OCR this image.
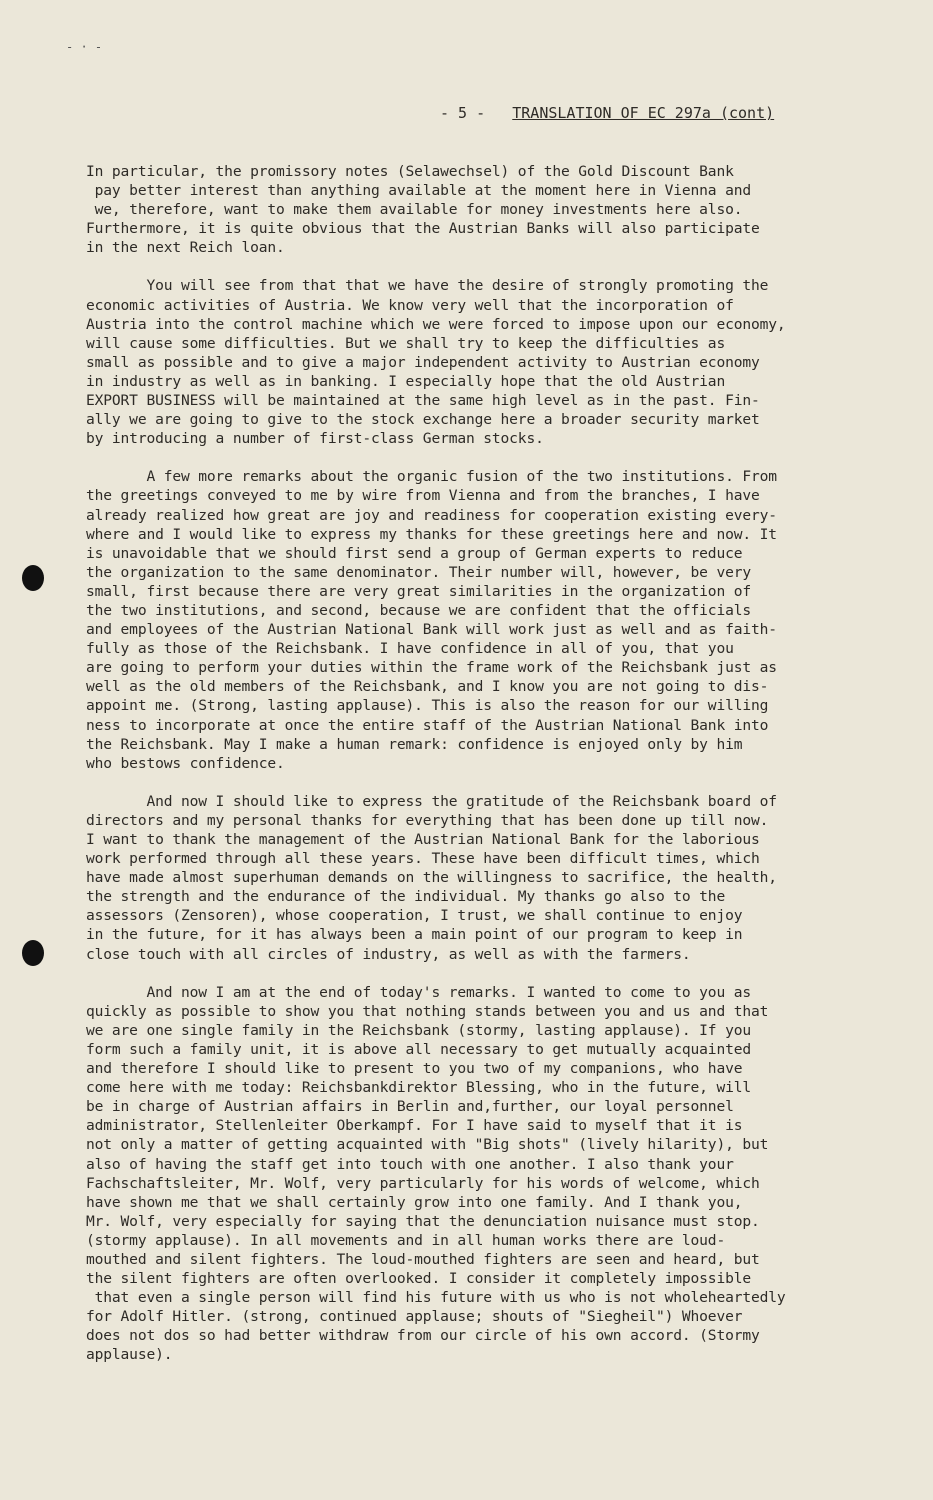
- · -
- 5 - TRANSLATION OF EC 297a (cont)
In particular, the promissory notes (Selawechsel) of the Gold Discount Bank
pay better interest than anything available at the moment here in Vienna and
we, therefore, want to make them available for money investments here also.
Furthermore, it is quite obvious that the Austrian Banks will also participate
in the next Reich loan.
You will see from that that we have the desire of strongly promoting the
economic activities of Austria. We know very well that the incorporation of
Austria into the control machine which we were forced to impose upon our economy,
will cause some difficulties. But we shall try to keep the difficulties as
small as possible and to give a major independent activity to Austrian economy
in industry as well as in banking. I especially hope that the old Austrian
EXPORT BUSINESS will be maintained at the same high level as in the past. Fin-
ally we are going to give to the stock exchange here a broader security market
by introducing a number of first-class German stocks.
A few more remarks about the organic fusion of the two institutions. From
the greetings conveyed to me by wire from Vienna and from the branches, I have
already realized how great are joy and readiness for cooperation existing every-
where and I would like to express my thanks for these greetings here and now. It
is unavoidable that we should first send a group of German experts to reduce
the organization to the same denominator. Their number will, however, be very
small, first because there are very great similarities in the organization of
the two institutions, and second, because we are confident that the officials
and employees of the Austrian National Bank will work just as well and as faith-
fully as those of the Reichsbank. I have confidence in all of you, that you
are going to perform your duties within the frame work of the Reichsbank just as
well as the old members of the Reichsbank, and I know you are not going to dis-
appoint me. (Strong, lasting applause). This is also the reason for our willing
ness to incorporate at once the entire staff of the Austrian National Bank into
the Reichsbank. May I make a human remark: confidence is enjoyed only by him
who bestows confidence.
And now I should like to express the gratitude of the Reichsbank board of
directors and my personal thanks for everything that has been done up till now.
I want to thank the management of the Austrian National Bank for the laborious
work performed through all these years. These have been difficult times, which
have made almost superhuman demands on the willingness to sacrifice, the health,
the strength and the endurance of the individual. My thanks go also to the
assessors (Zensoren), whose cooperation, I trust, we shall continue to enjoy
in the future, for it has always been a main point of our program to keep in
close touch with all circles of industry, as well as with the farmers.
And now I am at the end of today's remarks. I wanted to come to you as
quickly as possible to show you that nothing stands between you and us and that
we are one single family in the Reichsbank (stormy, lasting applause). If you
form such a family unit, it is above all necessary to get mutually acquainted
and therefore I should like to present to you two of my companions, who have
come here with me today: Reichsbankdirektor Blessing, who in the future, will
be in charge of Austrian affairs in Berlin and,further, our loyal personnel
administrator, Stellenleiter Oberkampf. For I have said to myself that it is
not only a matter of getting acquainted with "Big shots" (lively hilarity), but
also of having the staff get into touch with one another. I also thank your
Fachschaftsleiter, Mr. Wolf, very particularly for his words of welcome, which
have shown me that we shall certainly grow into one family. And I thank you,
Mr. Wolf, very especially for saying that the denunciation nuisance must stop.
(stormy applause). In all movements and in all human works there are loud-
mouthed and silent fighters. The loud-mouthed fighters are seen and heard, but
the silent fighters are often overlooked. I consider it completely impossible
that even a single person will find his future with us who is not wholeheartedly
for Adolf Hitler. (strong, continued applause; shouts of "Siegheil") Whoever
does not dos so had better withdraw from our circle of his own accord. (Stormy
applause).
